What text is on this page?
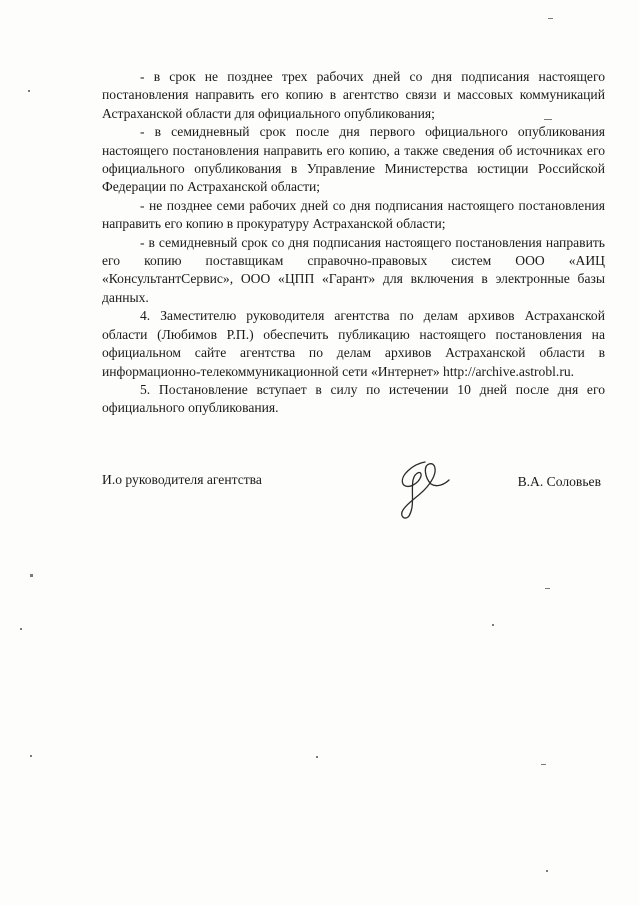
- в срок не позднее трех рабочих дней со дня подписания настоящего постановления направить его копию в агентство связи и массовых коммуникаций Астраханской области для официального опубликования;

- в семидневный срок после дня первого официального опубликования настоящего постановления направить его копию, а также сведения об источниках его официального опубликования в Управление Министерства юстиции Российской Федерации по Астраханской области;

- не позднее семи рабочих дней со дня подписания настоящего постановления направить его копию в прокуратуру Астраханской области;

- в семидневный срок со дня подписания настоящего постановления направить его копию поставщикам справочно-правовых систем ООО «АИЦ «КонсультантСервис», ООО «ЦПП «Гарант» для включения в электронные базы данных.

4. Заместителю руководителя агентства по делам архивов Астраханской области (Любимов Р.П.) обеспечить публикацию настоящего постановления на официальном сайте агентства по делам архивов Астраханской области в информационно-телекоммуникационной сети «Интернет» http://archive.astrobl.ru.

5. Постановление вступает в силу по истечении 10 дней после дня его официального опубликования.

И.о руководителя агентства	В.А. Соловьев
